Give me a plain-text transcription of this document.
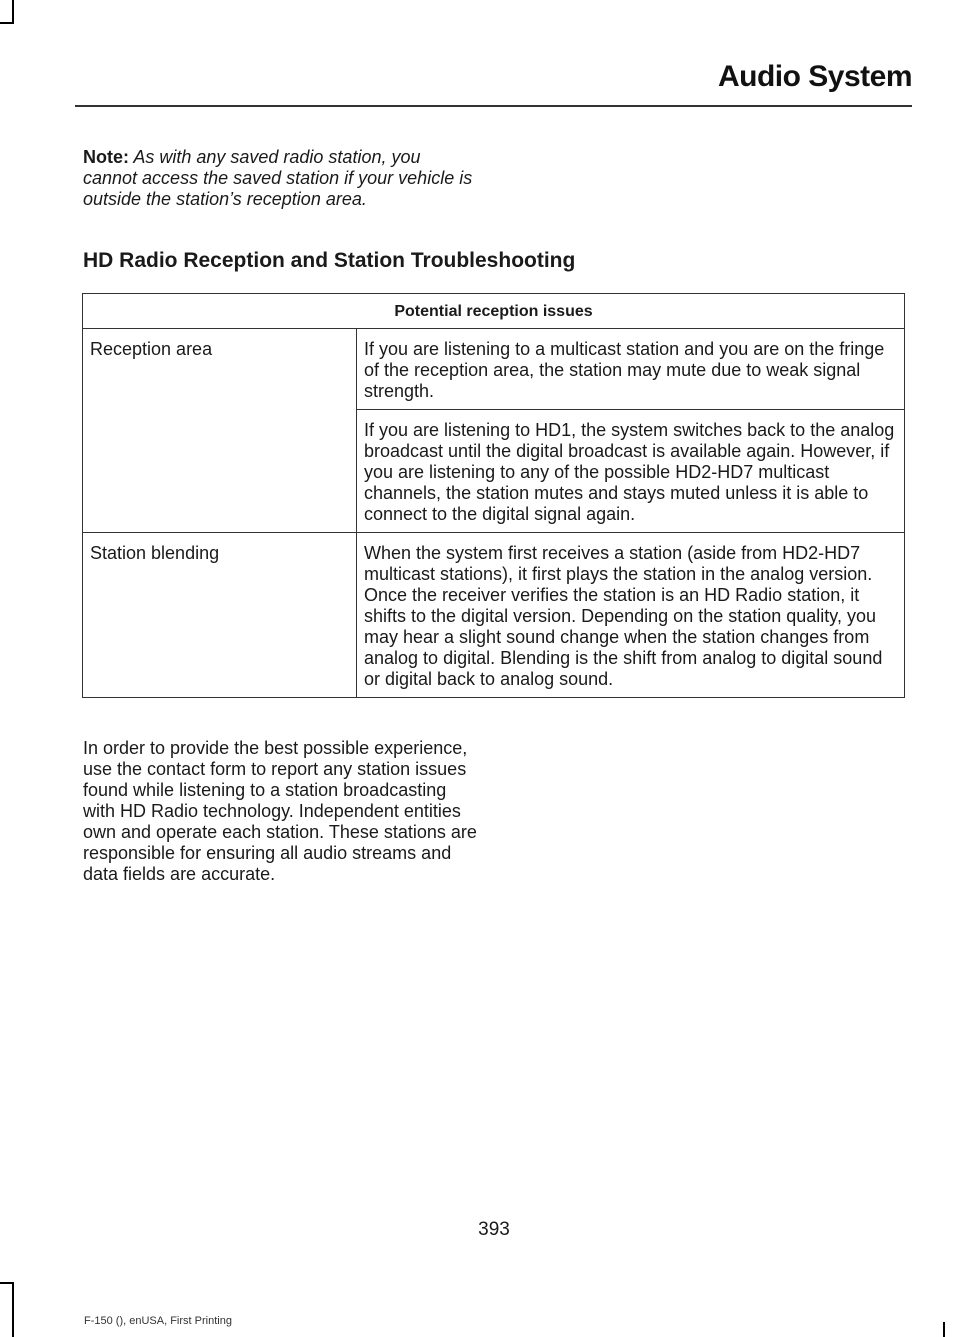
Audio System
Note: As with any saved radio station, you cannot access the saved station if your vehicle is outside the station’s reception area.
HD Radio Reception and Station Troubleshooting
Potential reception issues	
Reception area	If you are listening to a multicast station and you are on the fringe of the reception area, the station may mute due to weak signal strength.
	If you are listening to HD1, the system switches back to the analog broadcast until the digital broadcast is available again. However, if you are listening to any of the possible HD2-HD7 multicast channels, the station mutes and stays muted unless it is able to connect to the digital signal again.
Station blending	When the system first receives a station (aside from HD2-HD7 multicast stations), it first plays the station in the analog version. Once the receiver verifies the station is an HD Radio station, it shifts to the digital version. Depending on the station quality, you may hear a slight sound change when the station changes from analog to digital. Blending is the shift from analog to digital sound or digital back to analog sound.
In order to provide the best possible experience, use the contact form to report any station issues found while listening to a station broadcasting with HD Radio technology. Independent entities own and operate each station. These stations are responsible for ensuring all audio streams and data fields are accurate.
393
F-150 (), enUSA, First Printing
